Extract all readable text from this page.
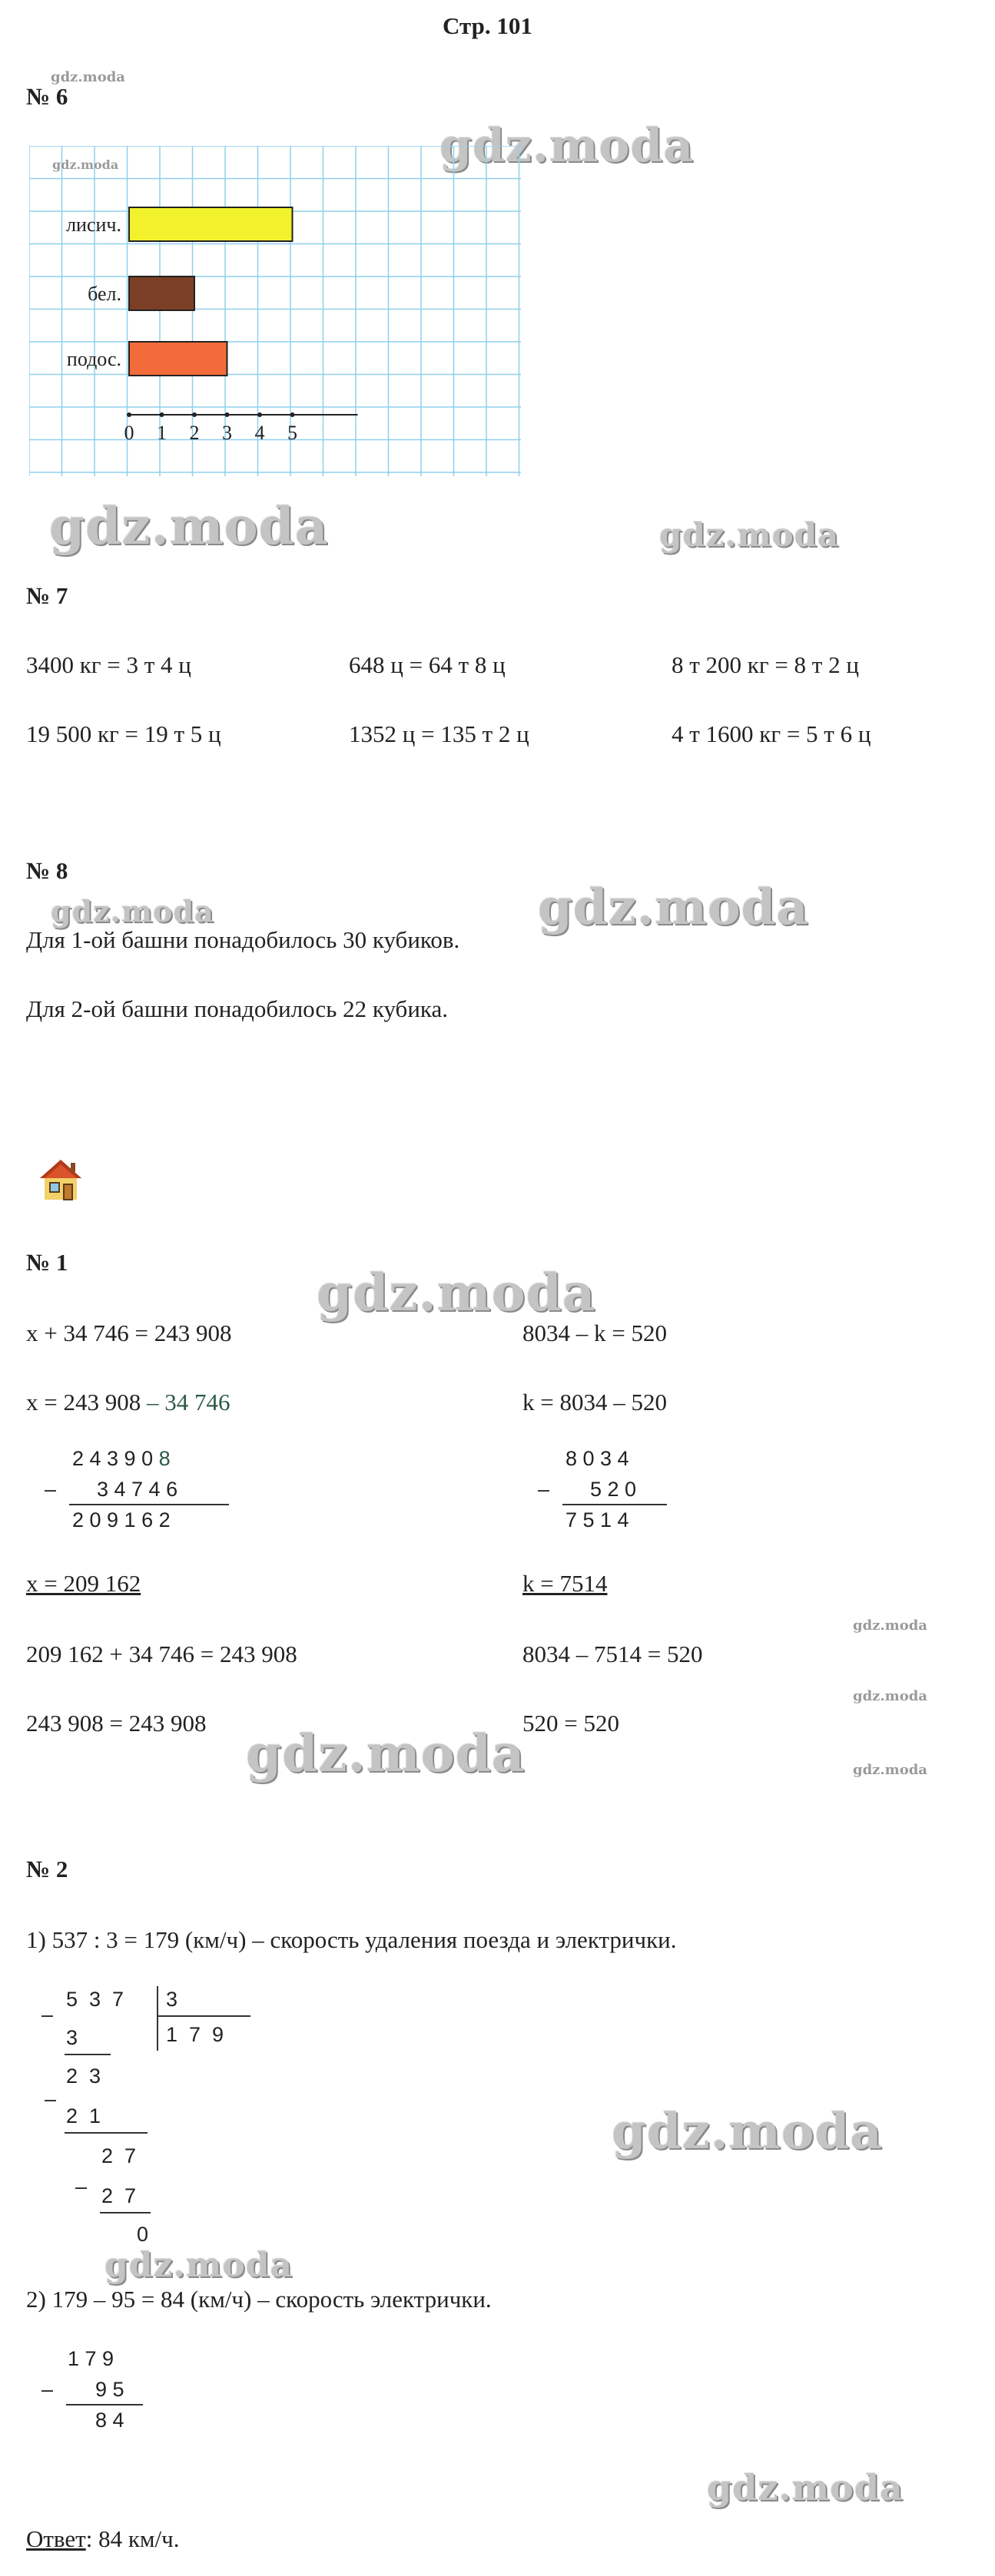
Стр. 101
№ 6
gdz.moda
gdz.moda
0 1 2 3 4 5
лисич.
бел.
подос.
gdz.moda
gdz.moda	gdz.moda
№ 7
3400 кг = 3 т 4 ц	648 ц = 64 т 8 ц	8 т 200 кг = 8 т 2 ц
19 500 кг = 19 т 5 ц	1352 ц = 135 т 2 ц	4 т 1600 кг = 5 т 6 ц
№ 8
gdz.moda
gdz.moda
Для 1-ой башни понадобилось 30 кубиков.
Для 2-ой башни понадобилось 22 кубика.
№ 1
gdz.moda
x + 34 746 = 243 908	8034 – k = 520
x = 243 908 – 34 746	k = 8034 – 520
2 4 3 9 0 8
– 3 4 7 4 6
2 0 9 1 6 2
8 0 3 4
– 5 2 0
7 5 1 4
x = 209 162	k = 7514
gdz.moda
209 162 + 34 746 = 243 908	8034 – 7514 = 520
gdz.moda
243 908 = 243 908	520 = 520
gdz.moda	gdz.moda
№ 2
1) 537 : 3 = 179 (км/ч) – скорость удаления поезда и электрички.
–
5  3  7 3
1  7  9
3
–
2  3
2  1
–
2  7
2  7
0
gdz.moda
gdz.moda
2) 179 – 95 = 84 (км/ч) – скорость электрички.
1 7 9
– 9 5
8 4
gdz.moda
Ответ: 84 км/ч.
